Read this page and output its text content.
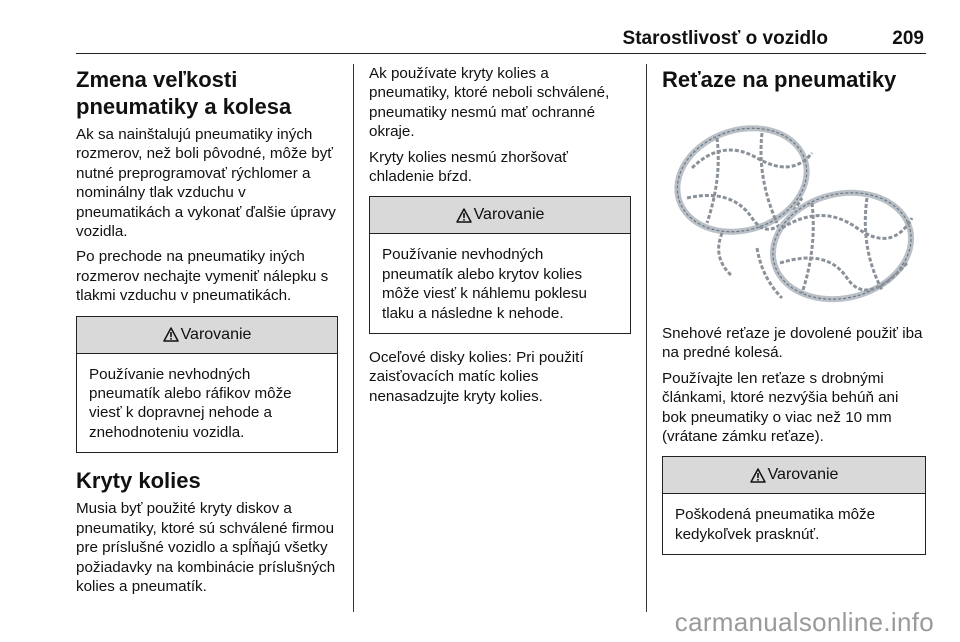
Starostlivosť o vozidlo	209
Zmena veľkosti pneumatiky a kolesa

Ak sa nainštalujú pneumatiky iných rozmerov, než boli pôvodné, môže byť nutné preprogramovať rýchlomer a nominálny tlak vzduchu v pneumatikách a vykonať ďalšie úpravy vozidla.

Po prechode na pneumatiky iných rozmerov nechajte vymeniť nálepku s tlakmi vzduchu v pneumatikách.

Varovanie

Používanie nevhodných pneumatík alebo ráfikov môže viesť k dopravnej nehode a znehodnoteniu vozidla.

Kryty kolies

Musia byť použité kryty diskov a pneumatiky, ktoré sú schválené firmou pre príslušné vozidlo a spĺňajú všetky požiadavky na kombinácie príslušných kolies a pneumatík.

Ak používate kryty kolies a pneumatiky, ktoré neboli schválené, pneumatiky nesmú mať ochranné okraje.

Kryty kolies nesmú zhoršovať chladenie bŕzd.

Varovanie

Používanie nevhodných pneumatík alebo krytov kolies môže viesť k náhlemu poklesu tlaku a následne k nehode.

Oceľové disky kolies: Pri použití zaisťovacích matíc kolies nenasadzujte kryty kolies.

Reťaze na pneumatiky

Snehové reťaze je dovolené použiť iba na predné kolesá.

Používajte len reťaze s drobnými článkami, ktoré nezvýšia behúň ani bok pneumatiky o viac než 10 mm (vrátane zámku reťaze).

Varovanie

Poškodená pneumatika môže kedykoľvek prasknúť.

carmanualsonline.info
